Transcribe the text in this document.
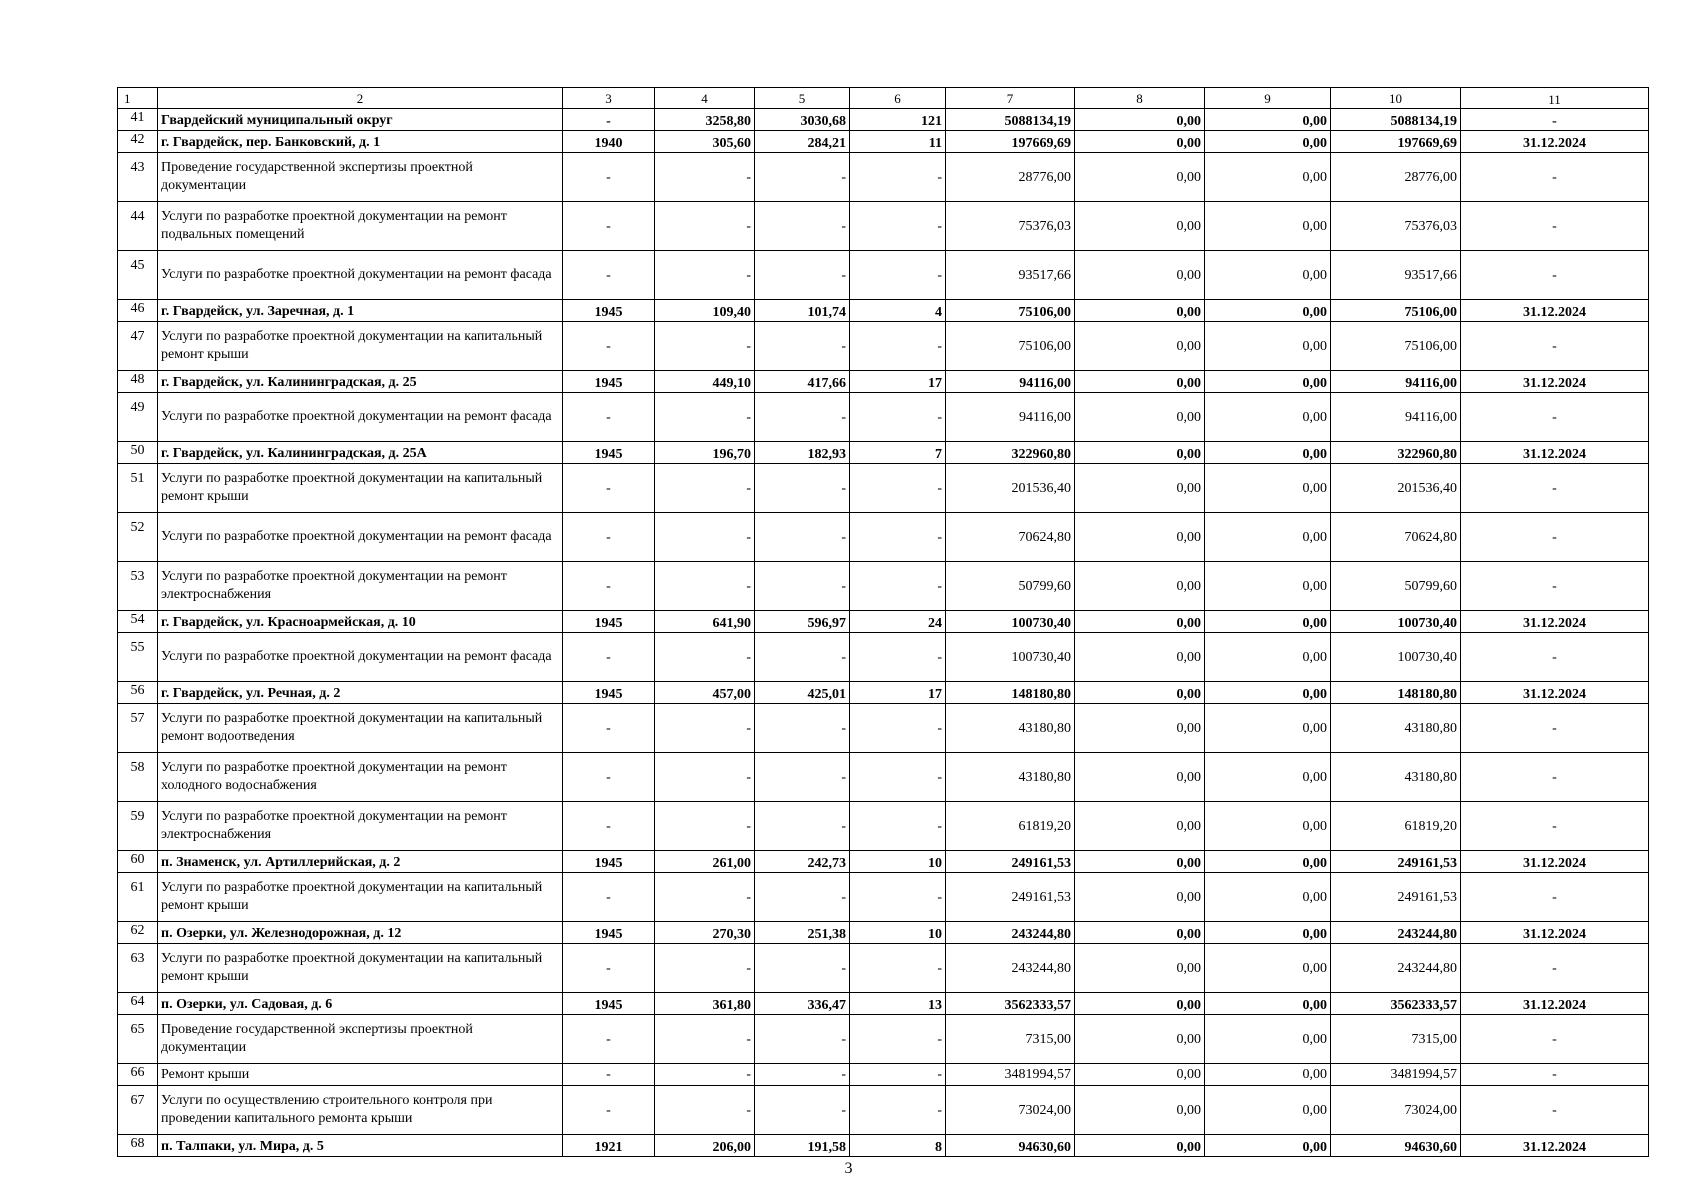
1	2	3	4	5	6	7	8	9	10	11
41	Гвардейский муниципальный округ	-	3258,80	3030,68	121	5088134,19	0,00	0,00	5088134,19	-
42	г. Гвардейск, пер. Банковский, д. 1	1940	305,60	284,21	11	197669,69	0,00	0,00	197669,69	31.12.2024
43	Проведение государственной экспертизы проектной документации	-	-	-	-	28776,00	0,00	0,00	28776,00	-
44	Услуги по разработке проектной документации на ремонт подвальных помещений	-	-	-	-	75376,03	0,00	0,00	75376,03	-
45	Услуги по разработке проектной документации на ремонт фасада	-	-	-	-	93517,66	0,00	0,00	93517,66	-
46	г. Гвардейск, ул. Заречная, д. 1	1945	109,40	101,74	4	75106,00	0,00	0,00	75106,00	31.12.2024
47	Услуги по разработке проектной документации на капитальный ремонт крыши	-	-	-	-	75106,00	0,00	0,00	75106,00	-
48	г. Гвардейск, ул. Калининградская, д. 25	1945	449,10	417,66	17	94116,00	0,00	0,00	94116,00	31.12.2024
49	Услуги по разработке проектной документации на ремонт фасада	-	-	-	-	94116,00	0,00	0,00	94116,00	-
50	г. Гвардейск, ул. Калининградская, д. 25А	1945	196,70	182,93	7	322960,80	0,00	0,00	322960,80	31.12.2024
51	Услуги по разработке проектной документации на капитальный ремонт крыши	-	-	-	-	201536,40	0,00	0,00	201536,40	-
52	Услуги по разработке проектной документации на ремонт фасада	-	-	-	-	70624,80	0,00	0,00	70624,80	-
53	Услуги по разработке проектной документации на ремонт электроснабжения	-	-	-	-	50799,60	0,00	0,00	50799,60	-
54	г. Гвардейск, ул. Красноармейская, д. 10	1945	641,90	596,97	24	100730,40	0,00	0,00	100730,40	31.12.2024
55	Услуги по разработке проектной документации на ремонт фасада	-	-	-	-	100730,40	0,00	0,00	100730,40	-
56	г. Гвардейск, ул. Речная, д. 2	1945	457,00	425,01	17	148180,80	0,00	0,00	148180,80	31.12.2024
57	Услуги по разработке проектной документации на капитальный ремонт водоотведения	-	-	-	-	43180,80	0,00	0,00	43180,80	-
58	Услуги по разработке проектной документации на ремонт холодного водоснабжения	-	-	-	-	43180,80	0,00	0,00	43180,80	-
59	Услуги по разработке проектной документации на ремонт электроснабжения	-	-	-	-	61819,20	0,00	0,00	61819,20	-
60	п. Знаменск, ул. Артиллерийская, д. 2	1945	261,00	242,73	10	249161,53	0,00	0,00	249161,53	31.12.2024
61	Услуги по разработке проектной документации на капитальный ремонт крыши	-	-	-	-	249161,53	0,00	0,00	249161,53	-
62	п. Озерки, ул. Железнодорожная, д. 12	1945	270,30	251,38	10	243244,80	0,00	0,00	243244,80	31.12.2024
63	Услуги по разработке проектной документации на капитальный ремонт крыши	-	-	-	-	243244,80	0,00	0,00	243244,80	-
64	п. Озерки, ул. Садовая, д. 6	1945	361,80	336,47	13	3562333,57	0,00	0,00	3562333,57	31.12.2024
65	Проведение государственной экспертизы проектной документации	-	-	-	-	7315,00	0,00	0,00	7315,00	-
66	Ремонт крыши	-	-	-	-	3481994,57	0,00	0,00	3481994,57	-
67	Услуги по осуществлению строительного контроля при проведении капитального ремонта крыши	-	-	-	-	73024,00	0,00	0,00	73024,00	-
68	п. Талпаки, ул. Мира, д. 5	1921	206,00	191,58	8	94630,60	0,00	0,00	94630,60	31.12.2024
3
